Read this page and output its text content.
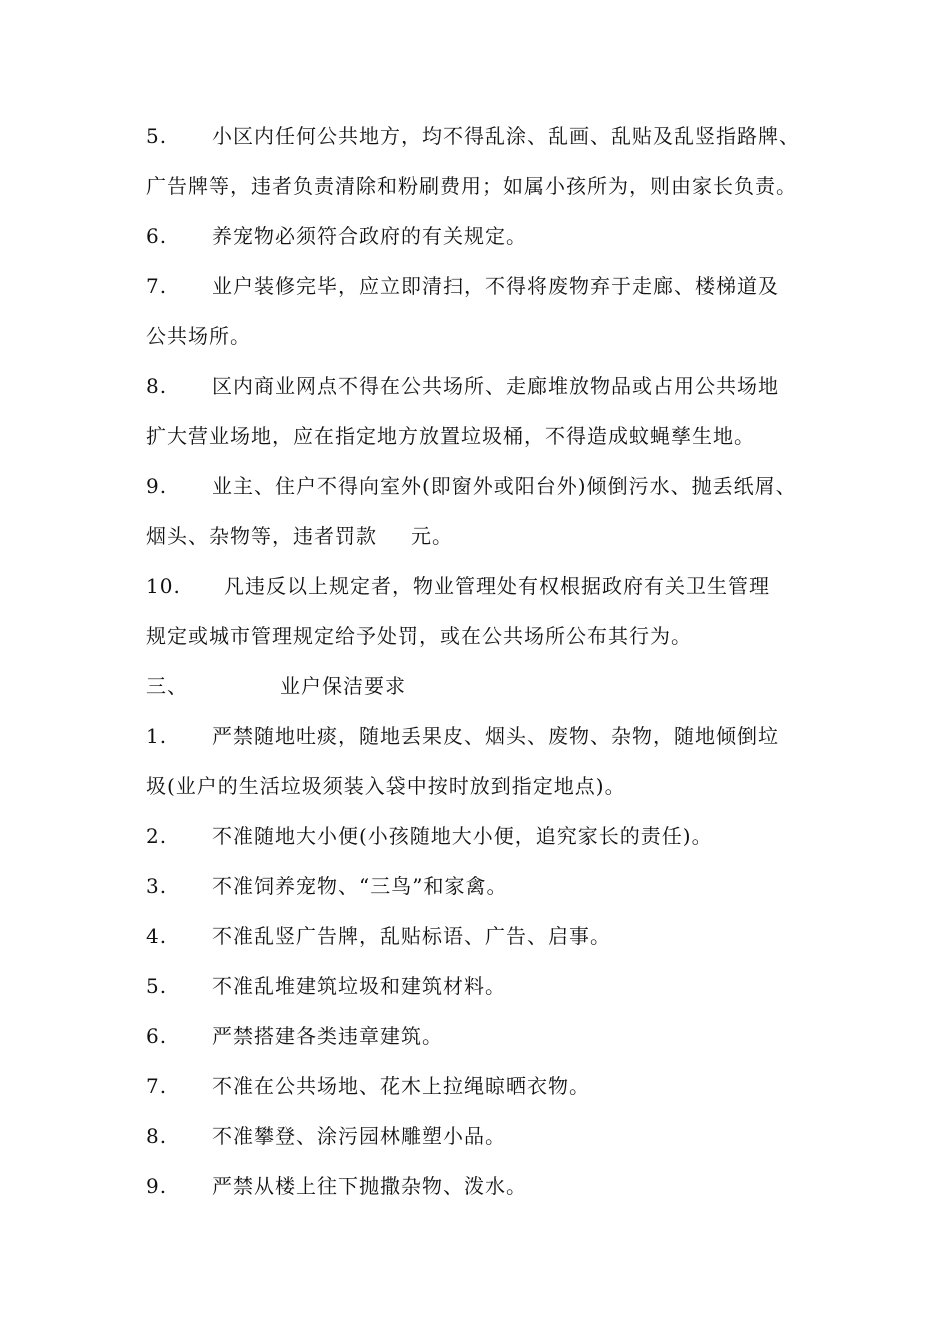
5. 小区内任何公共地方，均不得乱涂、乱画、乱贴及乱竖指路牌、
广告牌等，违者负责清除和粉刷费用；如属小孩所为，则由家长负责。
6. 养宠物必须符合政府的有关规定。
7. 业户装修完毕，应立即清扫，不得将废物弃于走廊、楼梯道及
公共场所。
8. 区内商业网点不得在公共场所、走廊堆放物品或占用公共场地
扩大营业场地，应在指定地方放置垃圾桶，不得造成蚊蝇孳生地。
9. 业主、住户不得向室外(即窗外或阳台外)倾倒污水、抛丢纸屑、
烟头、杂物等，违者罚款 元。
10. 凡违反以上规定者，物业管理处有权根据政府有关卫生管理
规定或城市管理规定给予处罚，或在公共场所公布其行为。
三、	业户保洁要求
1. 严禁随地吐痰，随地丢果皮、烟头、废物、杂物，随地倾倒垃
圾(业户的生活垃圾须装入袋中按时放到指定地点)。
2. 不准随地大小便(小孩随地大小便，追究家长的责任)。
3. 不准饲养宠物、“三鸟”和家禽。
4. 不准乱竖广告牌，乱贴标语、广告、启事。
5. 不准乱堆建筑垃圾和建筑材料。
6. 严禁搭建各类违章建筑。
7. 不准在公共场地、花木上拉绳晾晒衣物。
8. 不准攀登、涂污园林雕塑小品。
9. 严禁从楼上往下抛撒杂物、泼水。
